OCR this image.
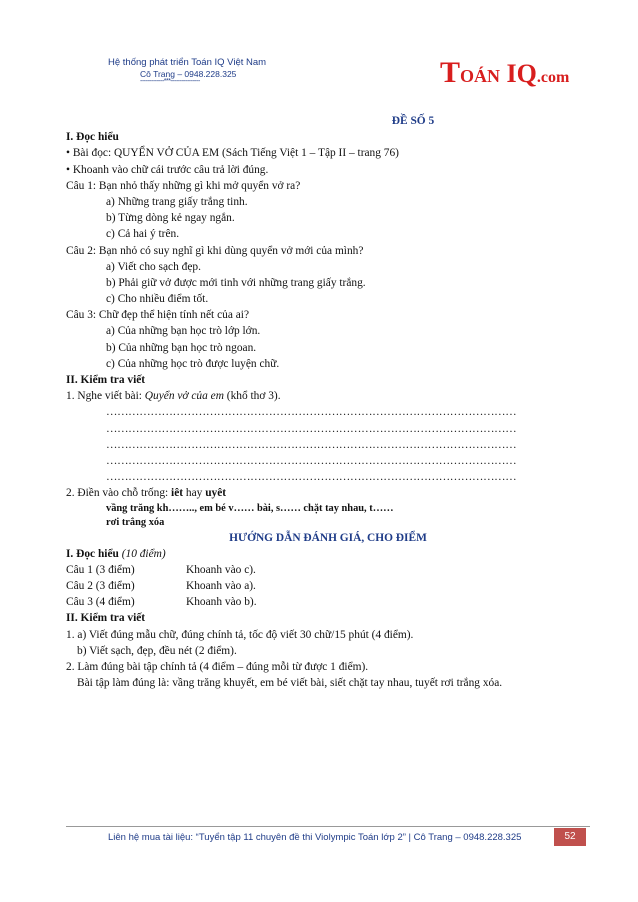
Hệ thống phát triển Toán IQ Việt Nam
Cô Trang – 0948.228.325
-------------***----------------	TOÁN IQ.com
ĐỀ SỐ 5
I. Đọc hiểu
• Bài đọc: QUYỂN VỞ CỦA EM (Sách Tiếng Việt 1 – Tập II – trang 76)
• Khoanh vào chữ cái trước câu trả lời đúng.
Câu 1: Bạn nhỏ thấy những gì khi mở quyển vở ra?
a) Những trang giấy trắng tinh.
b) Từng dòng kẻ ngay ngắn.
c) Cả hai ý trên.
Câu 2: Bạn nhỏ có suy nghĩ gì khi dùng quyển vở mới của mình?
a) Viết cho sạch đẹp.
b) Phải giữ vở được mới tinh với những trang giấy trắng.
c) Cho nhiều điểm tốt.
Câu 3: Chữ đẹp thể hiện tính nết của ai?
a) Của những bạn học trò lớp lớn.
b) Của những bạn học trò ngoan.
c) Của những học trò được luyện chữ.
II. Kiểm tra viết
1. Nghe viết bài: Quyển vở của em (khổ thơ 3).
…………………………………………………………………………………………………
…………………………………………………………………………………………………
…………………………………………………………………………………………………
…………………………………………………………………………………………………
…………………………………………………………………………………………………
2. Điền vào chỗ trống: iêt hay uyêt
vầng trăng kh…….., em bé v…… bài, s…… chặt tay nhau, t……
rơi trắng xóa
HƯỚNG DẪN ĐÁNH GIÁ, CHO ĐIỂM
I. Đọc hiểu (10 điểm)
Câu 1 (3 điểm)	Khoanh vào c).
Câu 2 (3 điểm)	Khoanh vào a).
Câu 3 (4 điểm)	Khoanh vào b).
II. Kiểm tra viết
1. a) Viết đúng mẫu chữ, đúng chính tả, tốc độ viết 30 chữ/15 phút (4 điểm).
b) Viết sạch, đẹp, đều nét (2 điểm).
2. Làm đúng bài tập chính tả (4 điểm – đúng mỗi từ được 1 điểm).
Bài tập làm đúng là: vầng trăng khuyết, em bé viết bài, siết chặt tay nhau, tuyết rơi trắng xóa.
Liên hệ mua tài liệu: “Tuyển tập 11 chuyên đề thi Violympic Toán lớp 2” | Cô Trang – 0948.228.325	52
